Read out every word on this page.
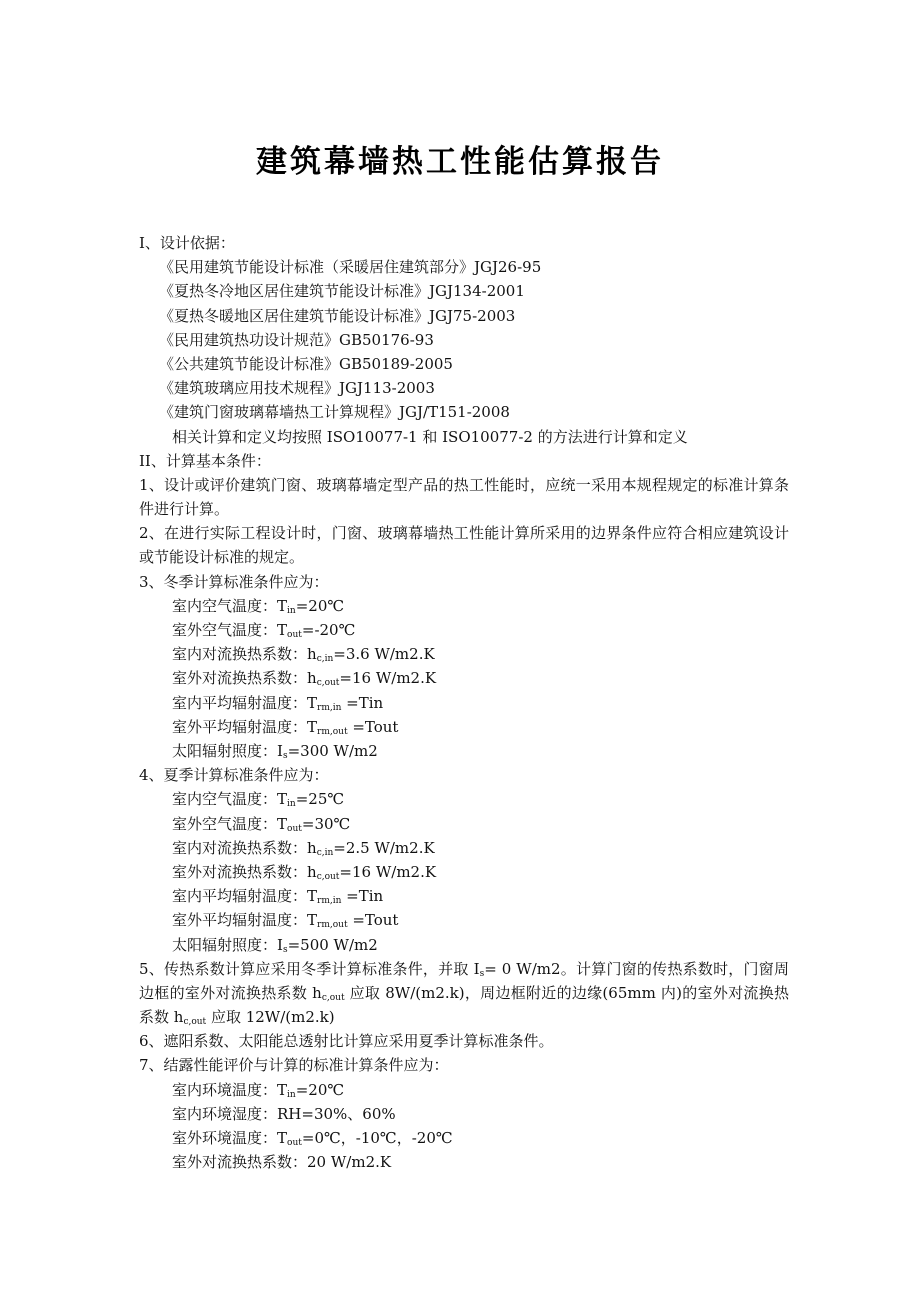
建筑幕墙热工性能估算报告
I、设计依据：
《民用建筑节能设计标准（采暖居住建筑部分》JGJ26-95
《夏热冬冷地区居住建筑节能设计标准》JGJ134-2001
《夏热冬暖地区居住建筑节能设计标准》JGJ75-2003
《民用建筑热功设计规范》GB50176-93
《公共建筑节能设计标准》GB50189-2005
《建筑玻璃应用技术规程》JGJ113-2003
《建筑门窗玻璃幕墙热工计算规程》JGJ/T151-2008
相关计算和定义均按照 ISO10077-1 和 ISO10077-2 的方法进行计算和定义
II、计算基本条件：
1、设计或评价建筑门窗、玻璃幕墙定型产品的热工性能时，应统一采用本规程规定的标准计算条件进行计算。
2、在进行实际工程设计时，门窗、玻璃幕墙热工性能计算所采用的边界条件应符合相应建筑设计或节能设计标准的规定。
3、冬季计算标准条件应为：
室内空气温度：$T_{in}=20℃$
室外空气温度：$T_{out}=-20℃$
室内对流换热系数：$h_{c,in}=3.6$ W/m2.K
室外对流换热系数：$h_{c,out}=16$ W/m2.K
室内平均辐射温度：$T_{rm,in} =Tin$
室外平均辐射温度：$T_{rm,out}$ =Tout
太阳辐射照度：$I_s=300$ W/m2
4、夏季计算标准条件应为：
室内空气温度：$T_{in}=25℃$
室外空气温度：$T_{out}=30℃$
室内对流换热系数：$h_{c,in}=2.5$ W/m2.K
室外对流换热系数：$h_{c,out}=16$ W/m2.K
室内平均辐射温度：$T_{rm,in} =Tin$
室外平均辐射温度：$T_{rm,out}$ =Tout
太阳辐射照度：$I_s=500$ W/m2
5、传热系数计算应采用冬季计算标准条件，并取 $I_s= 0$ W/m2。计算门窗的传热系数时，门窗周边框的室外对流换热系数 $h_{c,out}$ 应取 8W/(m2.k)，周边框附近的边缘(65mm 内)的室外对流换热系数 $h_{c,out}$ 应取 12W/(m2.k)
6、遮阳系数、太阳能总透射比计算应采用夏季计算标准条件。
7、结露性能评价与计算的标准计算条件应为：
室内环境温度：$T_{in}=20℃$
室内环境湿度：RH=30%、60%
室外环境温度：$T_{out}=0℃$，-10℃，-20℃
室外对流换热系数：20 W/m2.K
